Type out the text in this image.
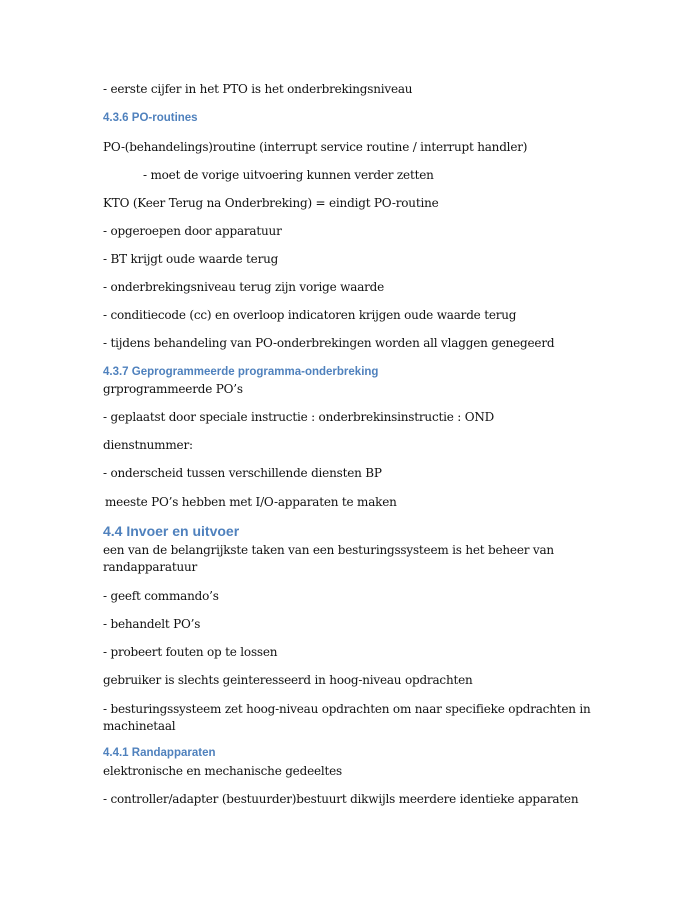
- eerste cijfer in het PTO is het onderbrekingsniveau
4.3.6 PO-routines
PO-(behandelings)routine (interrupt service routine / interrupt handler)
- moet de vorige uitvoering kunnen verder zetten
KTO (Keer Terug na Onderbreking) = eindigt PO-routine
- opgeroepen door apparatuur
- BT krijgt oude waarde terug
- onderbrekingsniveau terug zijn vorige waarde
- conditiecode (cc) en overloop indicatoren krijgen oude waarde terug
- tijdens behandeling van PO-onderbrekingen worden all vlaggen genegeerd
4.3.7 Geprogrammeerde programma-onderbreking
grprogrammeerde PO’s
- geplaatst door speciale instructie : onderbrekinsinstructie : OND
dienstnummer:
- onderscheid tussen verschillende diensten BP
meeste PO’s hebben met I/O-apparaten te maken
4.4 Invoer en uitvoer
een van de belangrijkste taken van een besturingssysteem is het beheer van
randapparatuur
- geeft commando’s
- behandelt PO’s
- probeert fouten op te lossen
gebruiker is slechts geinteresseerd in hoog-niveau opdrachten
- besturingssysteem zet hoog-niveau opdrachten om naar specifieke opdrachten in
machinetaal
4.4.1 Randapparaten
elektronische en mechanische gedeeltes
- controller/adapter (bestuurder)bestuurt dikwijls meerdere identieke apparaten
